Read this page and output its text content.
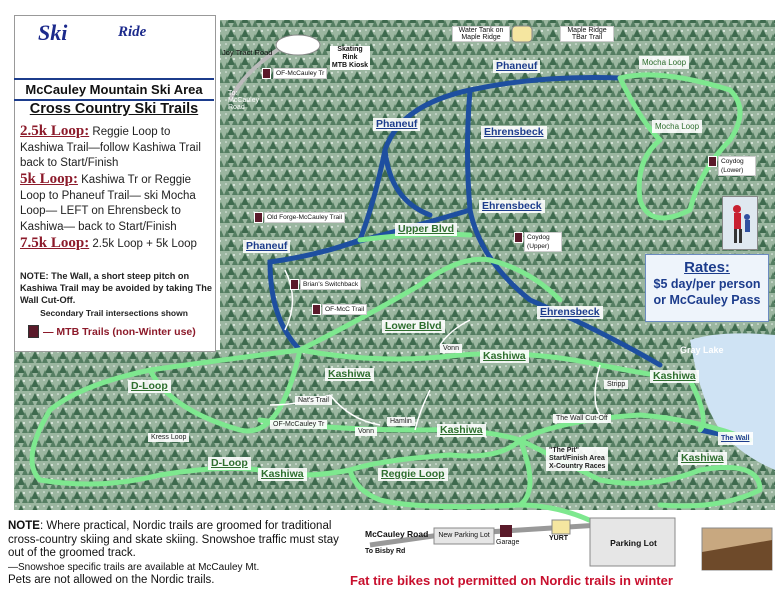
Ski	Ride
McCauley Mountain Ski Area
Cross Country Ski Trails
2.5k Loop: Reggie Loop to Kashiwa Trail—follow Kashiwa Trail back to Start/Finish
5k Loop: Kashiwa Tr or Reggie Loop to Phaneuf Trail— ski Mocha Loop— LEFT on Ehrensbeck to Kashiwa— back to Start/Finish
7.5k Loop: 2.5k Loop + 5k Loop
NOTE: The Wall, a short steep pitch on Kashiwa Trail may be avoided by taking The Wall Cut-Off.
Secondary Trail intersections shown
— MTB Trails (non-Winter use)
Rates:
$5 day/per person
or McCauley Pass
Phaneuf
Phaneuf
Phaneuf
Ehrensbeck
Ehrensbeck
Ehrensbeck
The Wall
Upper Blvd
Lower Blvd
Kashiwa
Kashiwa	Kashiwa
Kashiwa
Kashiwa
Kashiwa
D-Loop
D-Loop
Reggie Loop
Mocha Loop
Mocha Loop
Vonn
Vonn
Hamlin
Stripp
Nat's Trail
Kress Loop
The Wall Cut-Off
OF-McCauley Tr
"The Pit"
Start/Finish Area
X-Country Races
OF-McCauley Tr
Old Forge-McCauley Trail
Brian's Switchback
OF-McC Trail
Coydog (Upper)
Coydog (Lower)
Joy Tract Road
To: McCauley Road
Skating Rink
MTB Kiosk
Water Tank on Maple Ridge
Maple Ridge TBar Trail
Gray Lake
McCauley Road
To Bisby Rd
New Parking Lot
Garage
YURT	Parking Lot
NOTE: Where practical, Nordic trails are groomed for traditional cross-country skiing and skate skiing. Snowshoe traffic must stay out of the groomed track.
—Snowshoe specific trails are available at McCauley Mt.
Pets are not allowed on the Nordic trails.	Fat tire bikes not permitted on Nordic trails in winter
